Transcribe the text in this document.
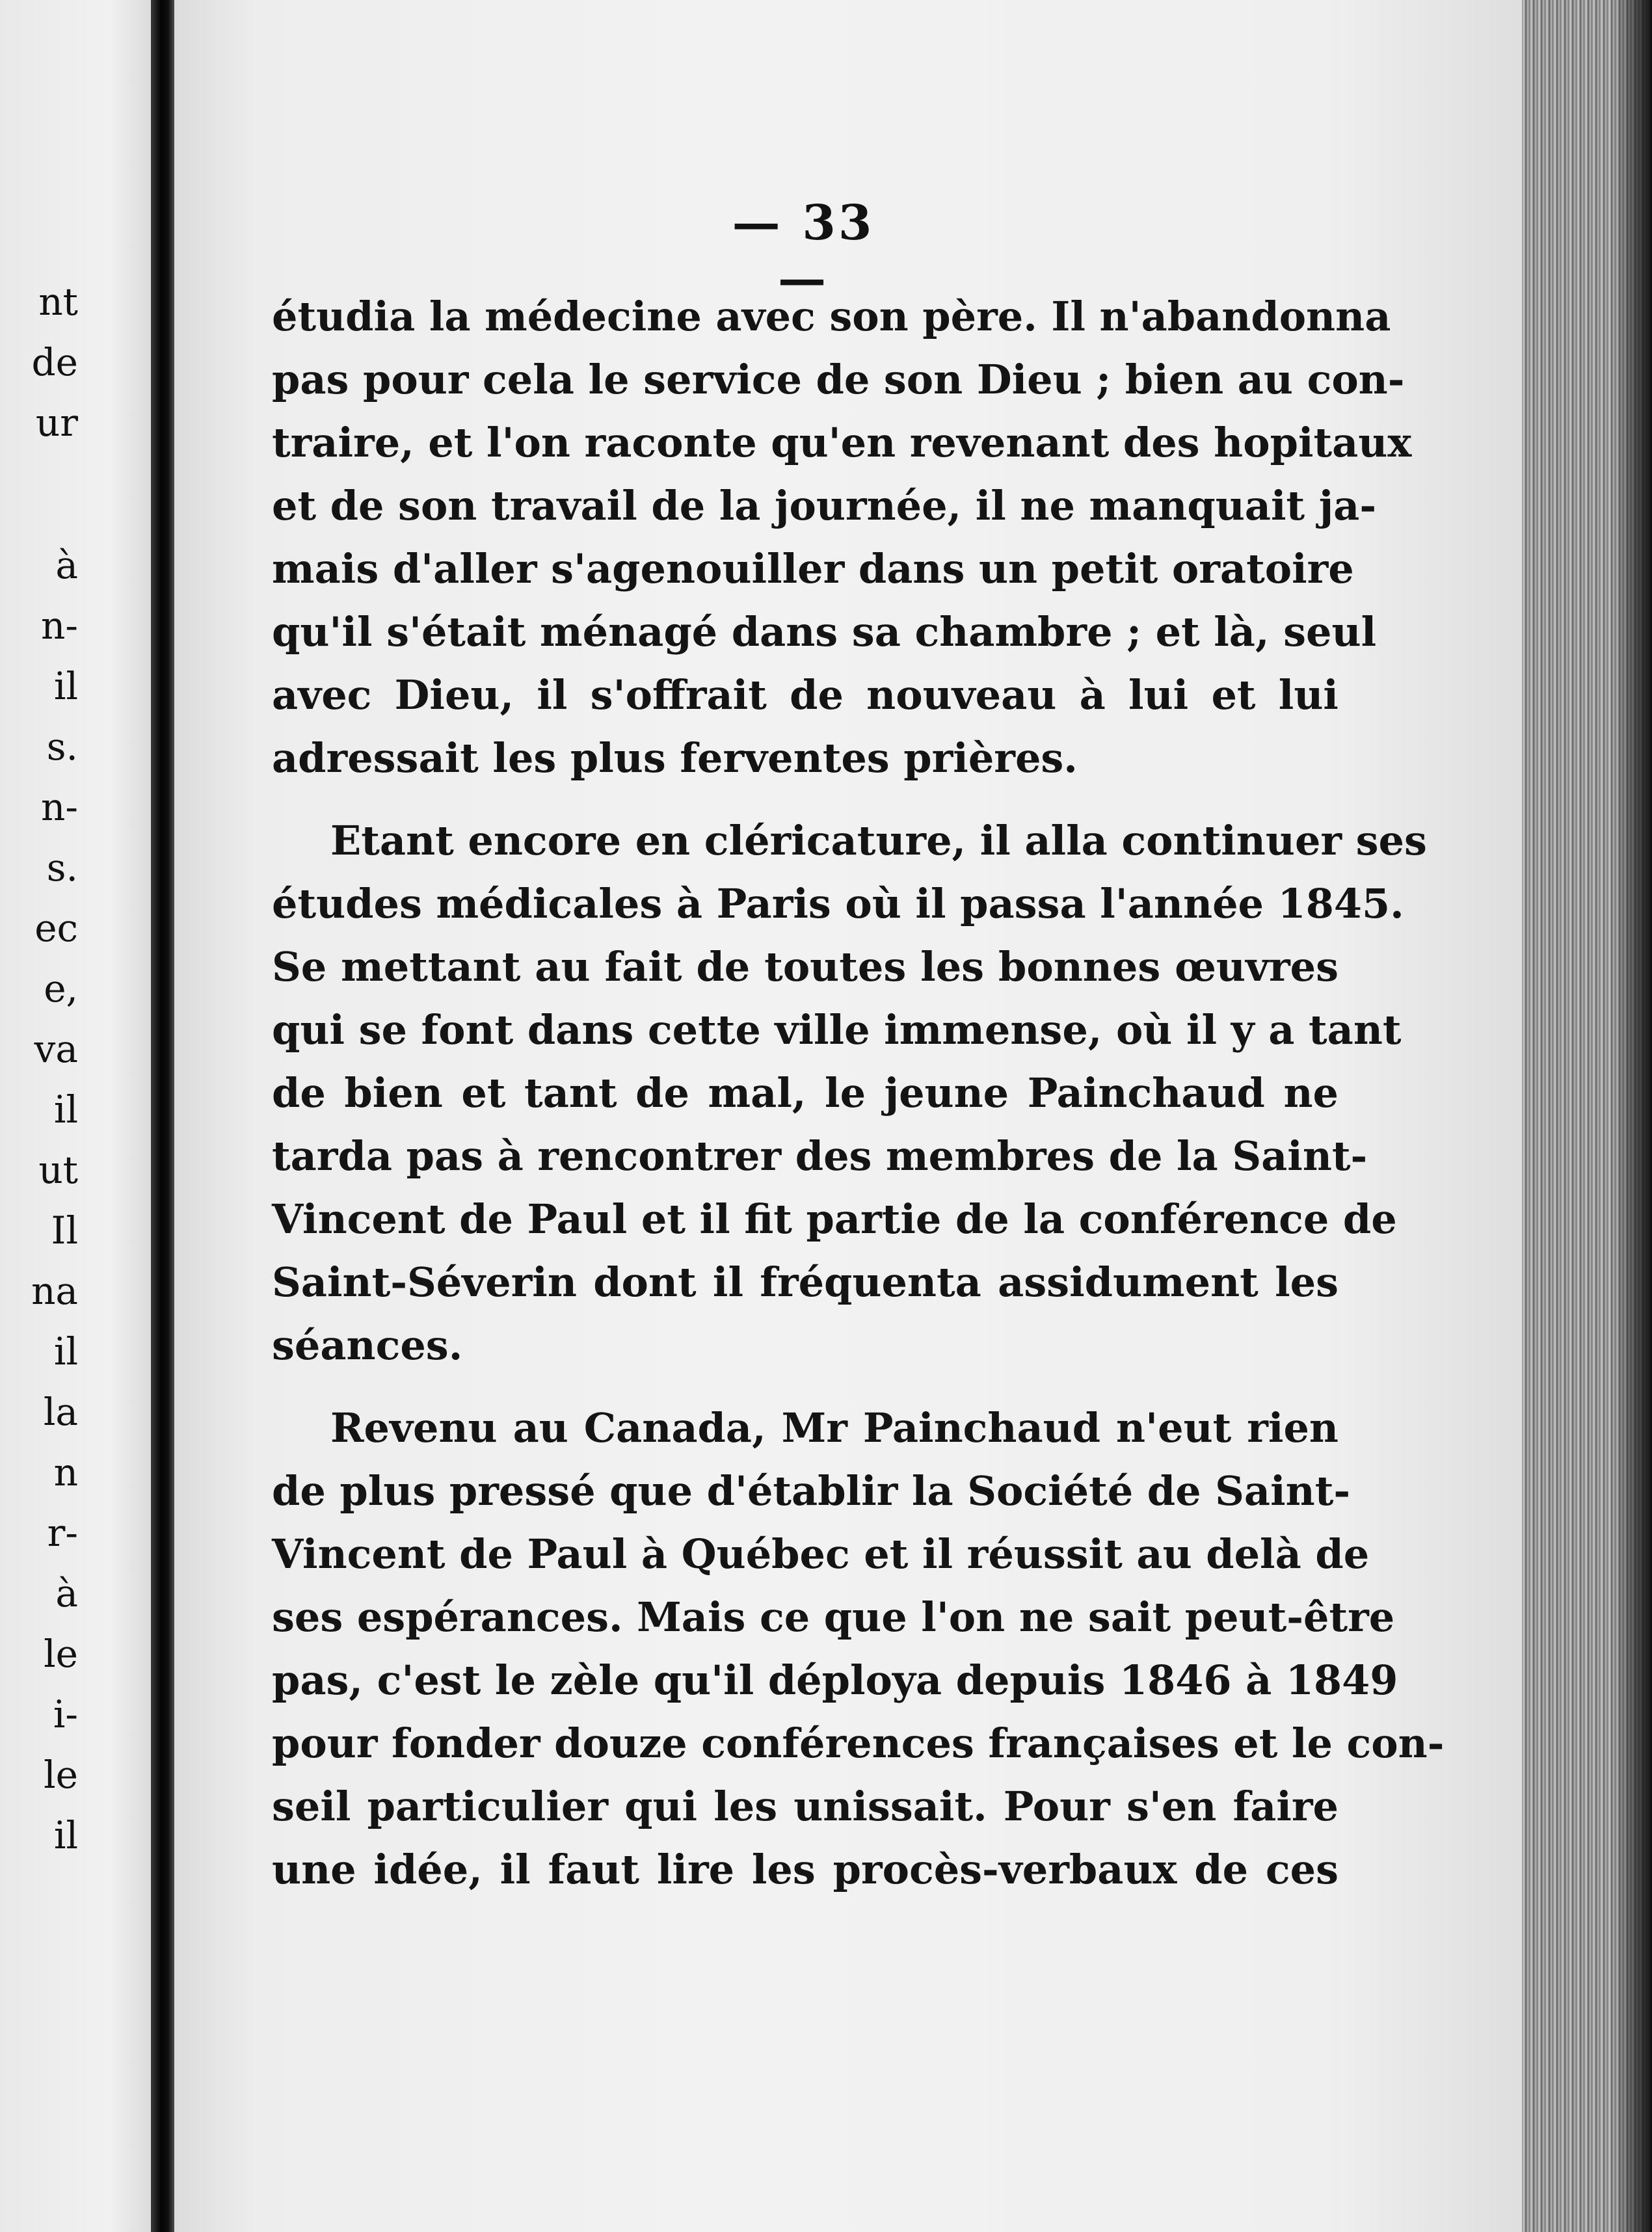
nt
de
ur
à
n-
il
s.
n-
s.
ec
e,
va
il
ut
Il
na
il
la
n
r-
à
le
i-
le
il
— 33 —
étudia la médecine avec son père. Il n'abandonna
pas pour cela le service de son Dieu ; bien au con-
traire, et l'on raconte qu'en revenant des hopitaux
et de son travail de la journée, il ne manquait ja-
mais d'aller s'agenouiller dans un petit oratoire
qu'il s'était ménagé dans sa chambre ; et là, seul
avec Dieu, il s'offrait de nouveau à lui et lui
adressait les plus ferventes prières.
Etant encore en cléricature, il alla continuer ses
études médicales à Paris où il passa l'année 1845.
Se mettant au fait de toutes les bonnes œuvres
qui se font dans cette ville immense, où il y a tant
de bien et tant de mal, le jeune Painchaud ne
tarda pas à rencontrer des membres de la Saint-
Vincent de Paul et il fit partie de la conférence de
Saint-Séverin dont il fréquenta assidument les
séances.
Revenu au Canada, Mr Painchaud n'eut rien
de plus pressé que d'établir la Société de Saint-
Vincent de Paul à Québec et il réussit au delà de
ses espérances. Mais ce que l'on ne sait peut-être
pas, c'est le zèle qu'il déploya depuis 1846 à 1849
pour fonder douze conférences françaises et le con-
seil particulier qui les unissait. Pour s'en faire
une idée, il faut lire les procès-verbaux de ces
